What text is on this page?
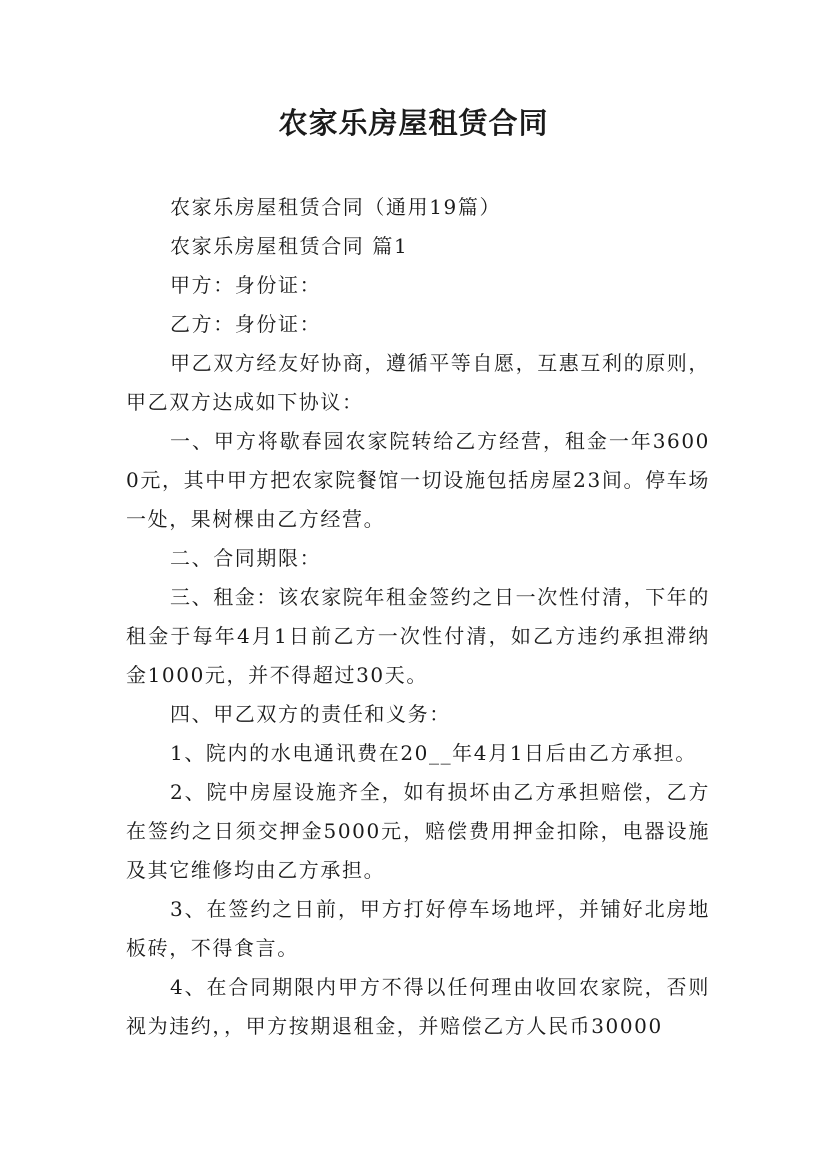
农家乐房屋租赁合同

农家乐房屋租赁合同（通用19篇）

农家乐房屋租赁合同 篇1

甲方：身份证：

乙方：身份证：

甲乙双方经友好协商，遵循平等自愿，互惠互利的原则，甲乙双方达成如下协议：

一、甲方将歇春园农家院转给乙方经营，租金一年36000元，其中甲方把农家院餐馆一切设施包括房屋23间。停车场一处，果树棵由乙方经营。

二、合同期限：

三、租金：该农家院年租金签约之日一次性付清，下年的租金于每年4月1日前乙方一次性付清，如乙方违约承担滞纳金1000元，并不得超过30天。

四、甲乙双方的责任和义务：

1、院内的水电通讯费在20__年4月1日后由乙方承担。

2、院中房屋设施齐全，如有损坏由乙方承担赔偿，乙方在签约之日须交押金5000元，赔偿费用押金扣除，电器设施及其它维修均由乙方承担。

3、在签约之日前，甲方打好停车场地坪，并铺好北房地板砖，不得食言。

4、在合同期限内甲方不得以任何理由收回农家院，否则视为违约，，甲方按期退租金，并赔偿乙方人民币30000
